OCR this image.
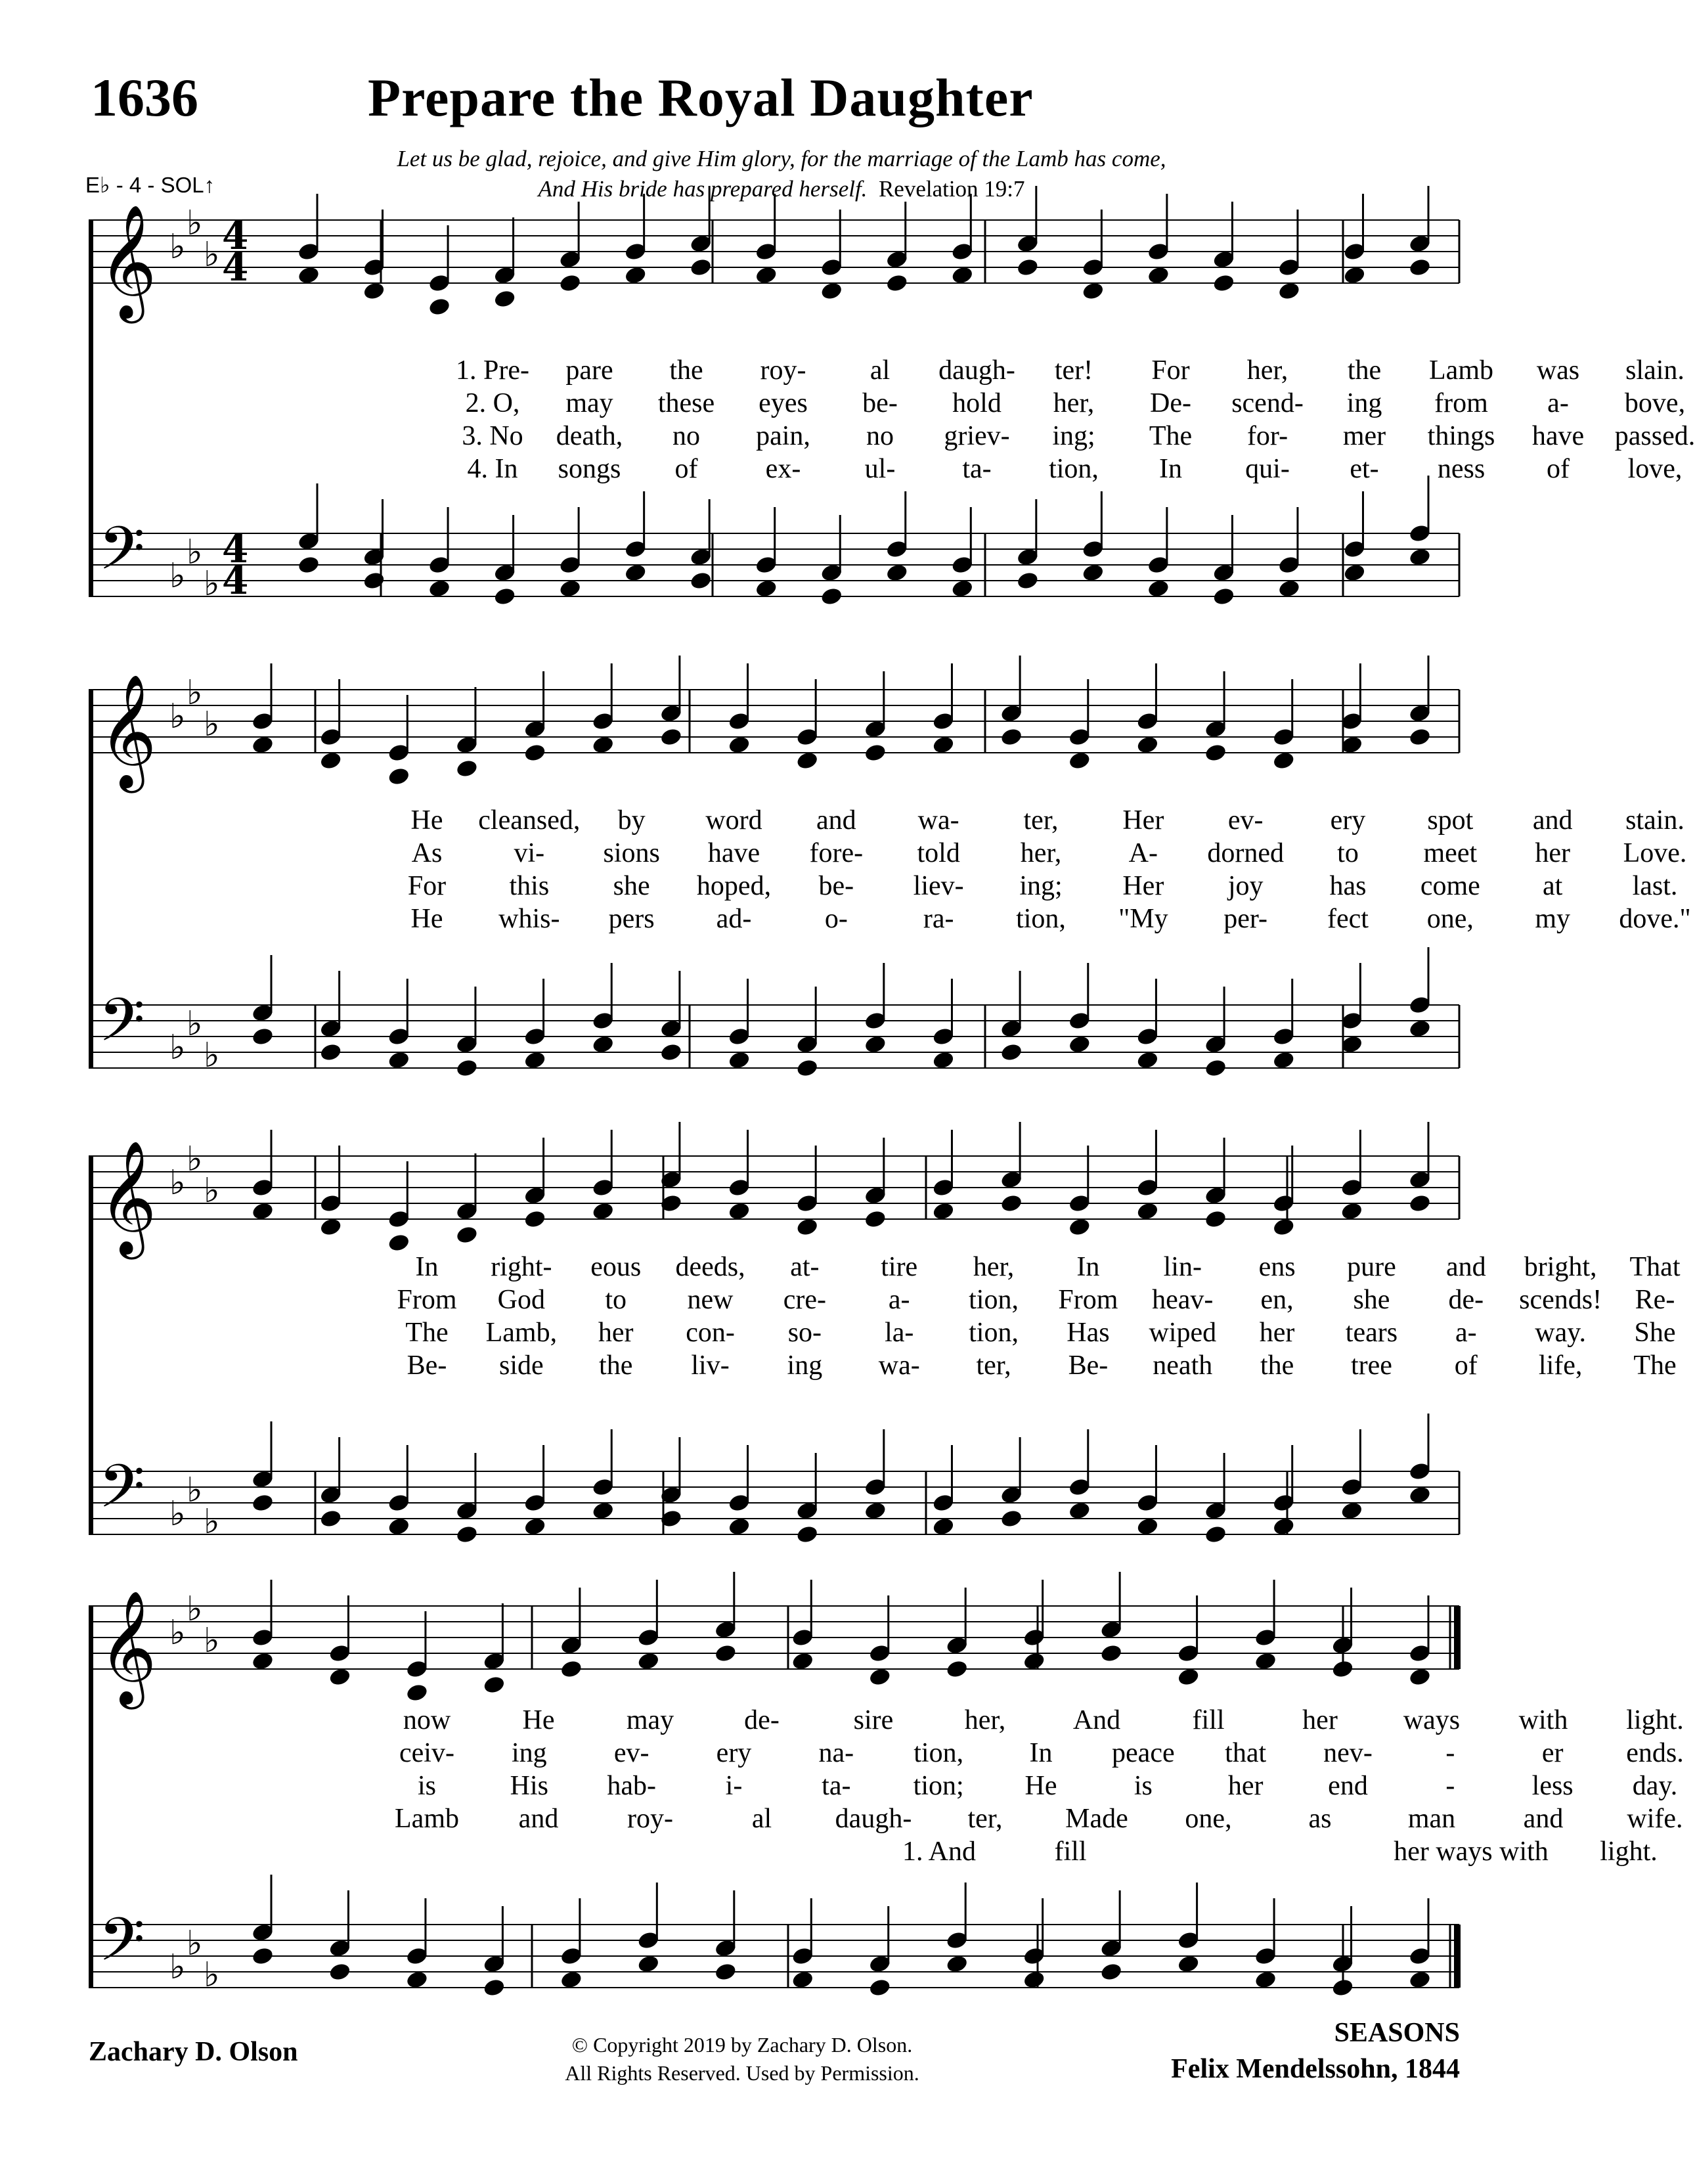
1636	Prepare the Royal Daughter
Let us be glad, rejoice, and give Him glory, for the marriage of the Lamb has come,
And His bride has prepared herself. Revelation 19:7
E♭ - 4 - SOL↑
𝄞
𝄢
♭
♭
♭
♭
♭
♭
4
4
4
4
𝄞
𝄢
♭
♭
♭
♭
♭
♭
𝄞
𝄢
♭
♭
♭
♭
♭
♭
𝄞
𝄢
♭
♭
♭
♭
♭
♭
1. Pre- pare the roy- al daugh- ter! For her, the Lamb was slain.
2. O, may these eyes be- hold her, De- scend- ing from a- bove,
3. No death, no pain, no griev- ing; The for- mer things have passed.
4. In songs of ex- ul- ta- tion, In qui- et- ness of love,
He cleansed, by word and wa- ter, Her ev- ery spot and stain.
As	vi- sions have fore- told her, A- dorned to meet her Love.
For this she hoped, be- liev- ing; Her joy has come at	last.
He whis- pers ad-	o-	ra- tion, "My per- fect one, my dove."
In right- eous deeds, at- tire her, In lin- ens pure and bright, That
From God to new cre- a- tion, From heav- en, she de- scends! Re-
The Lamb, her con- so- la- tion, Has wiped her tears a- way. She
Be- side the liv- ing wa- ter, Be- neath the tree of life, The
now	He	may	de-	sire	her, And	fill	her ways with light.
ceiv- ing ev- ery na- tion, In peace that nev-	-	er ends.
is	His hab-	i-	ta- tion; He	is	her end	-	less day.
Lamb and roy-	al daugh- ter, Made one,	as	man and wife.
1. And	fill	her ways with light.
Zachary D. Olson	© Copyright 2019 by Zachary D. Olson.
All Rights Reserved. Used by Permission.
SEASONS
Felix Mendelssohn, 1844
